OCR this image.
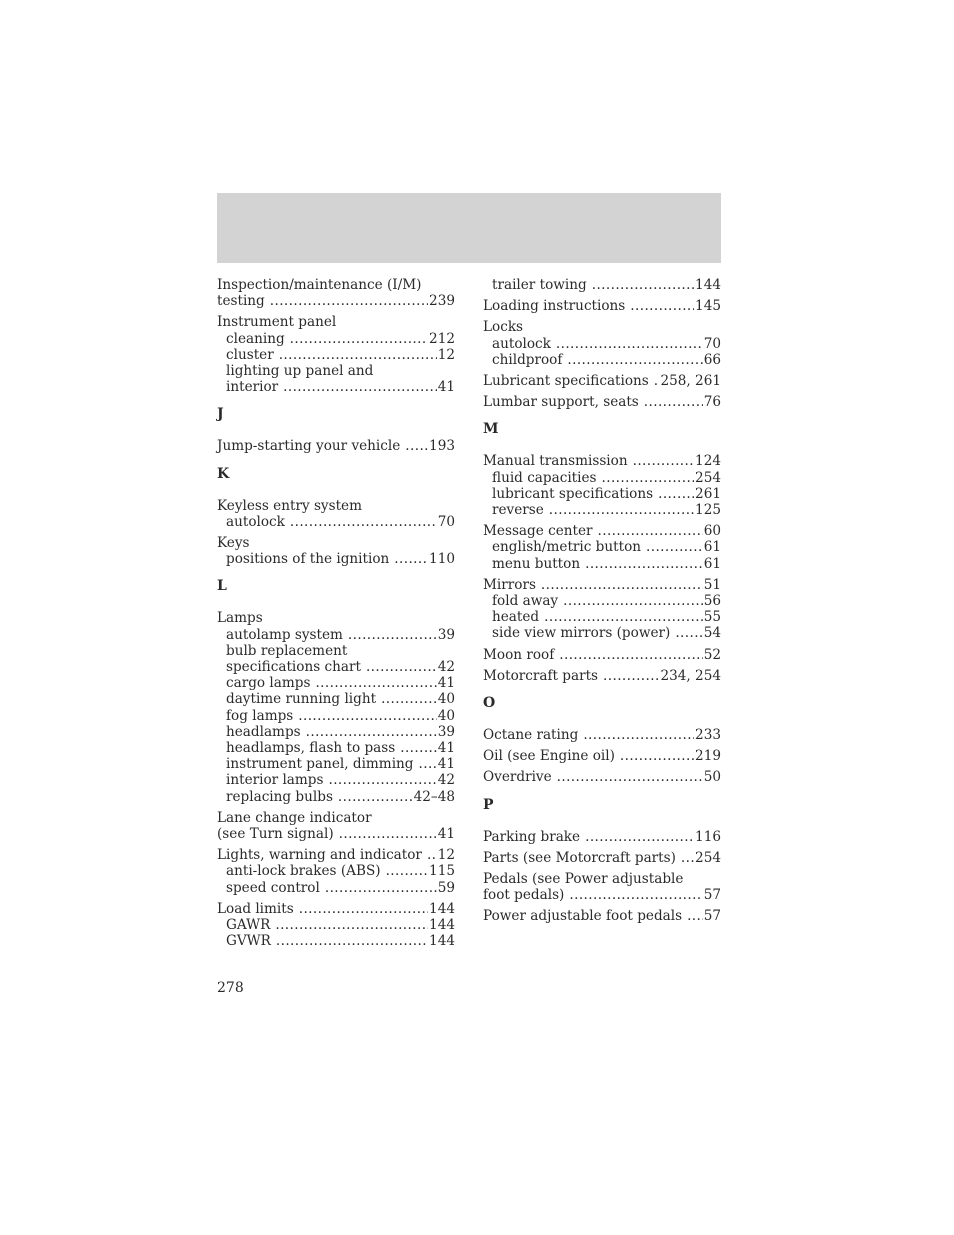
Inspection/maintenance (I/M)
testing .....	239
Instrument panel
cleaning .....	212
cluster .....	12
lighting up panel and
interior .....	41
J
Jump-starting your vehicle ..... 193
K
Keyless entry system
autolock .....	70
Keys
positions of the ignition .....	110
L
Lamps
autolamp system .....	39
bulb replacement
specifications chart .....	42
cargo lamps .....	41
daytime running light .....	40
fog lamps .....	40
headlamps .....	39
headlamps, flash to pass .....	41
instrument panel, dimming ..... 41
interior lamps .....	42
replacing bulbs .....	42–48
Lane change indicator
(see Turn signal) .....	41
Lights, warning and indicator ..... 12
anti-lock brakes (ABS) .....	115
speed control .....	59
Load limits .....	144
GAWR .....	144
GVWR .....	144
trailer towing .....	144
Loading instructions .....	145
Locks
autolock .....	70
childproof .....	66
Lubricant specifications ..... 258, 261
Lumbar support, seats .....	76
M
Manual transmission .....	124
fluid capacities .....	254
lubricant specifications .....	261
reverse .....	125
Message center .....	60
english/metric button .....	61
menu button .....	61
Mirrors .....	51
fold away .....	56
heated .....	55
side view mirrors (power) ..... 54
Moon roof .....	52
Motorcraft parts .....	234, 254
O
Octane rating .....	233
Oil (see Engine oil) .....	219
Overdrive .....	50
P
Parking brake .....	116
Parts (see Motorcraft parts) ..... 254
Pedals (see Power adjustable
foot pedals) .....	57
Power adjustable foot pedals ..... 57
278
